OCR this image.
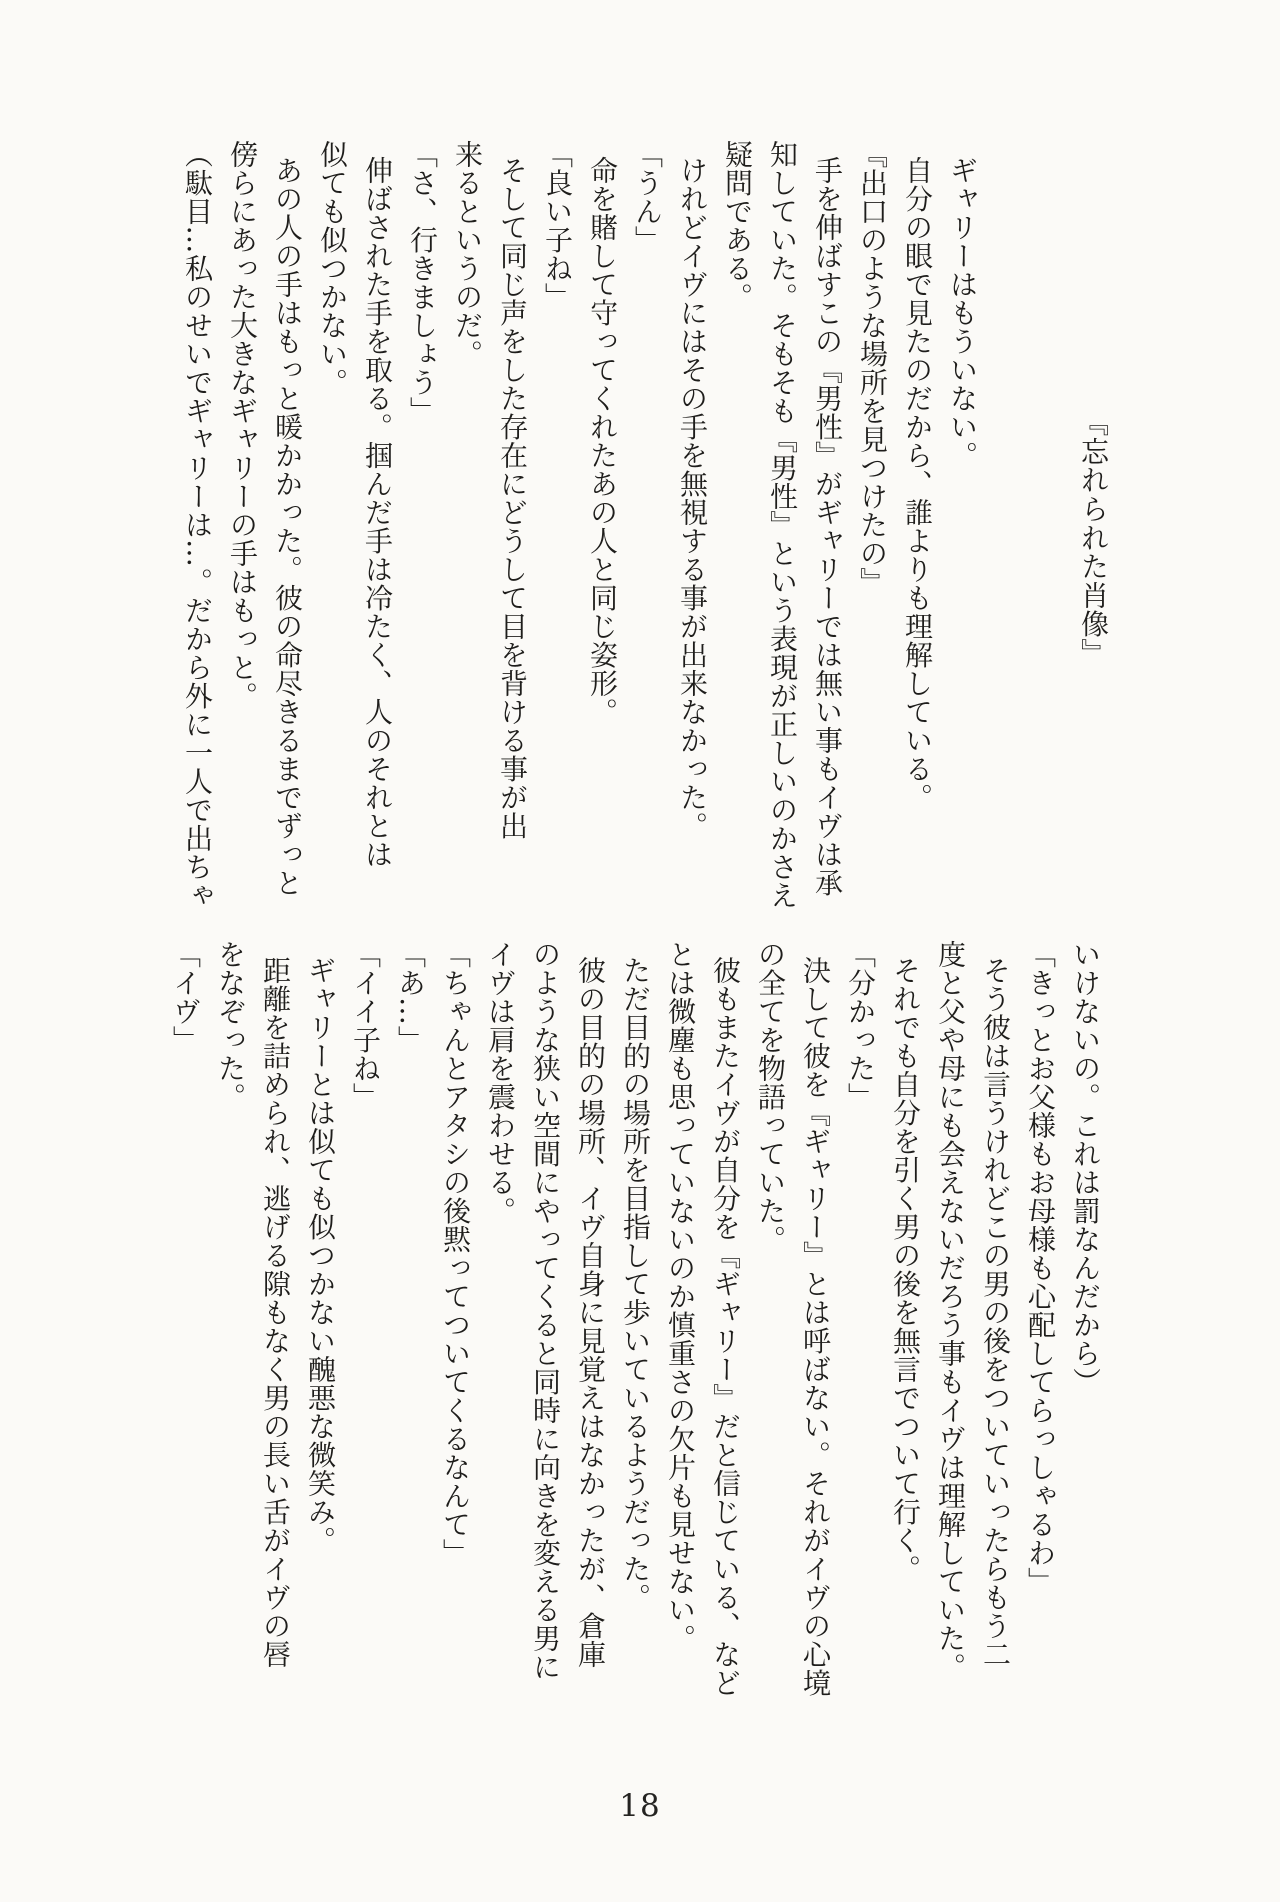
『忘れられた肖像』
ギャリーはもういない。
自分の眼で見たのだから、誰よりも理解している。
『出口のような場所を見つけたの』
手を伸ばすこの『男性』がギャリーでは無い事もイヴは承
知していた。そもそも『男性』という表現が正しいのかさえ
疑問である。
けれどイヴにはその手を無視する事が出来なかった。
「うん」
命を賭して守ってくれたあの人と同じ姿形。
「良い子ね」
そして同じ声をした存在にどうして目を背ける事が出
来るというのだ。
「さ、行きましょう」
伸ばされた手を取る。掴んだ手は冷たく、人のそれとは
似ても似つかない。
あの人の手はもっと暖かかった。彼の命尽きるまでずっと
傍らにあった大きなギャリーの手はもっと。
（駄目…私のせいでギャリーは…。だから外に一人で出ちゃ
いけないの。これは罰なんだから）
「きっとお父様もお母様も心配してらっしゃるわ」
そう彼は言うけれどこの男の後をついていったらもう二
度と父や母にも会えないだろう事もイヴは理解していた。
それでも自分を引く男の後を無言でついて行く。
「分かった」
決して彼を『ギャリー』とは呼ばない。それがイヴの心境
の全てを物語っていた。
彼もまたイヴが自分を『ギャリー』だと信じている、など
とは微塵も思っていないのか慎重さの欠片も見せない。
ただ目的の場所を目指して歩いているようだった。
彼の目的の場所、イヴ自身に見覚えはなかったが、倉庫
のような狭い空間にやってくると同時に向きを変える男に
イヴは肩を震わせる。
「ちゃんとアタシの後黙ってついてくるなんて」
「あ…」
「イイ子ね」
ギャリーとは似ても似つかない醜悪な微笑み。
距離を詰められ、逃げる隙もなく男の長い舌がイヴの唇
をなぞった。
「イヴ」
18
